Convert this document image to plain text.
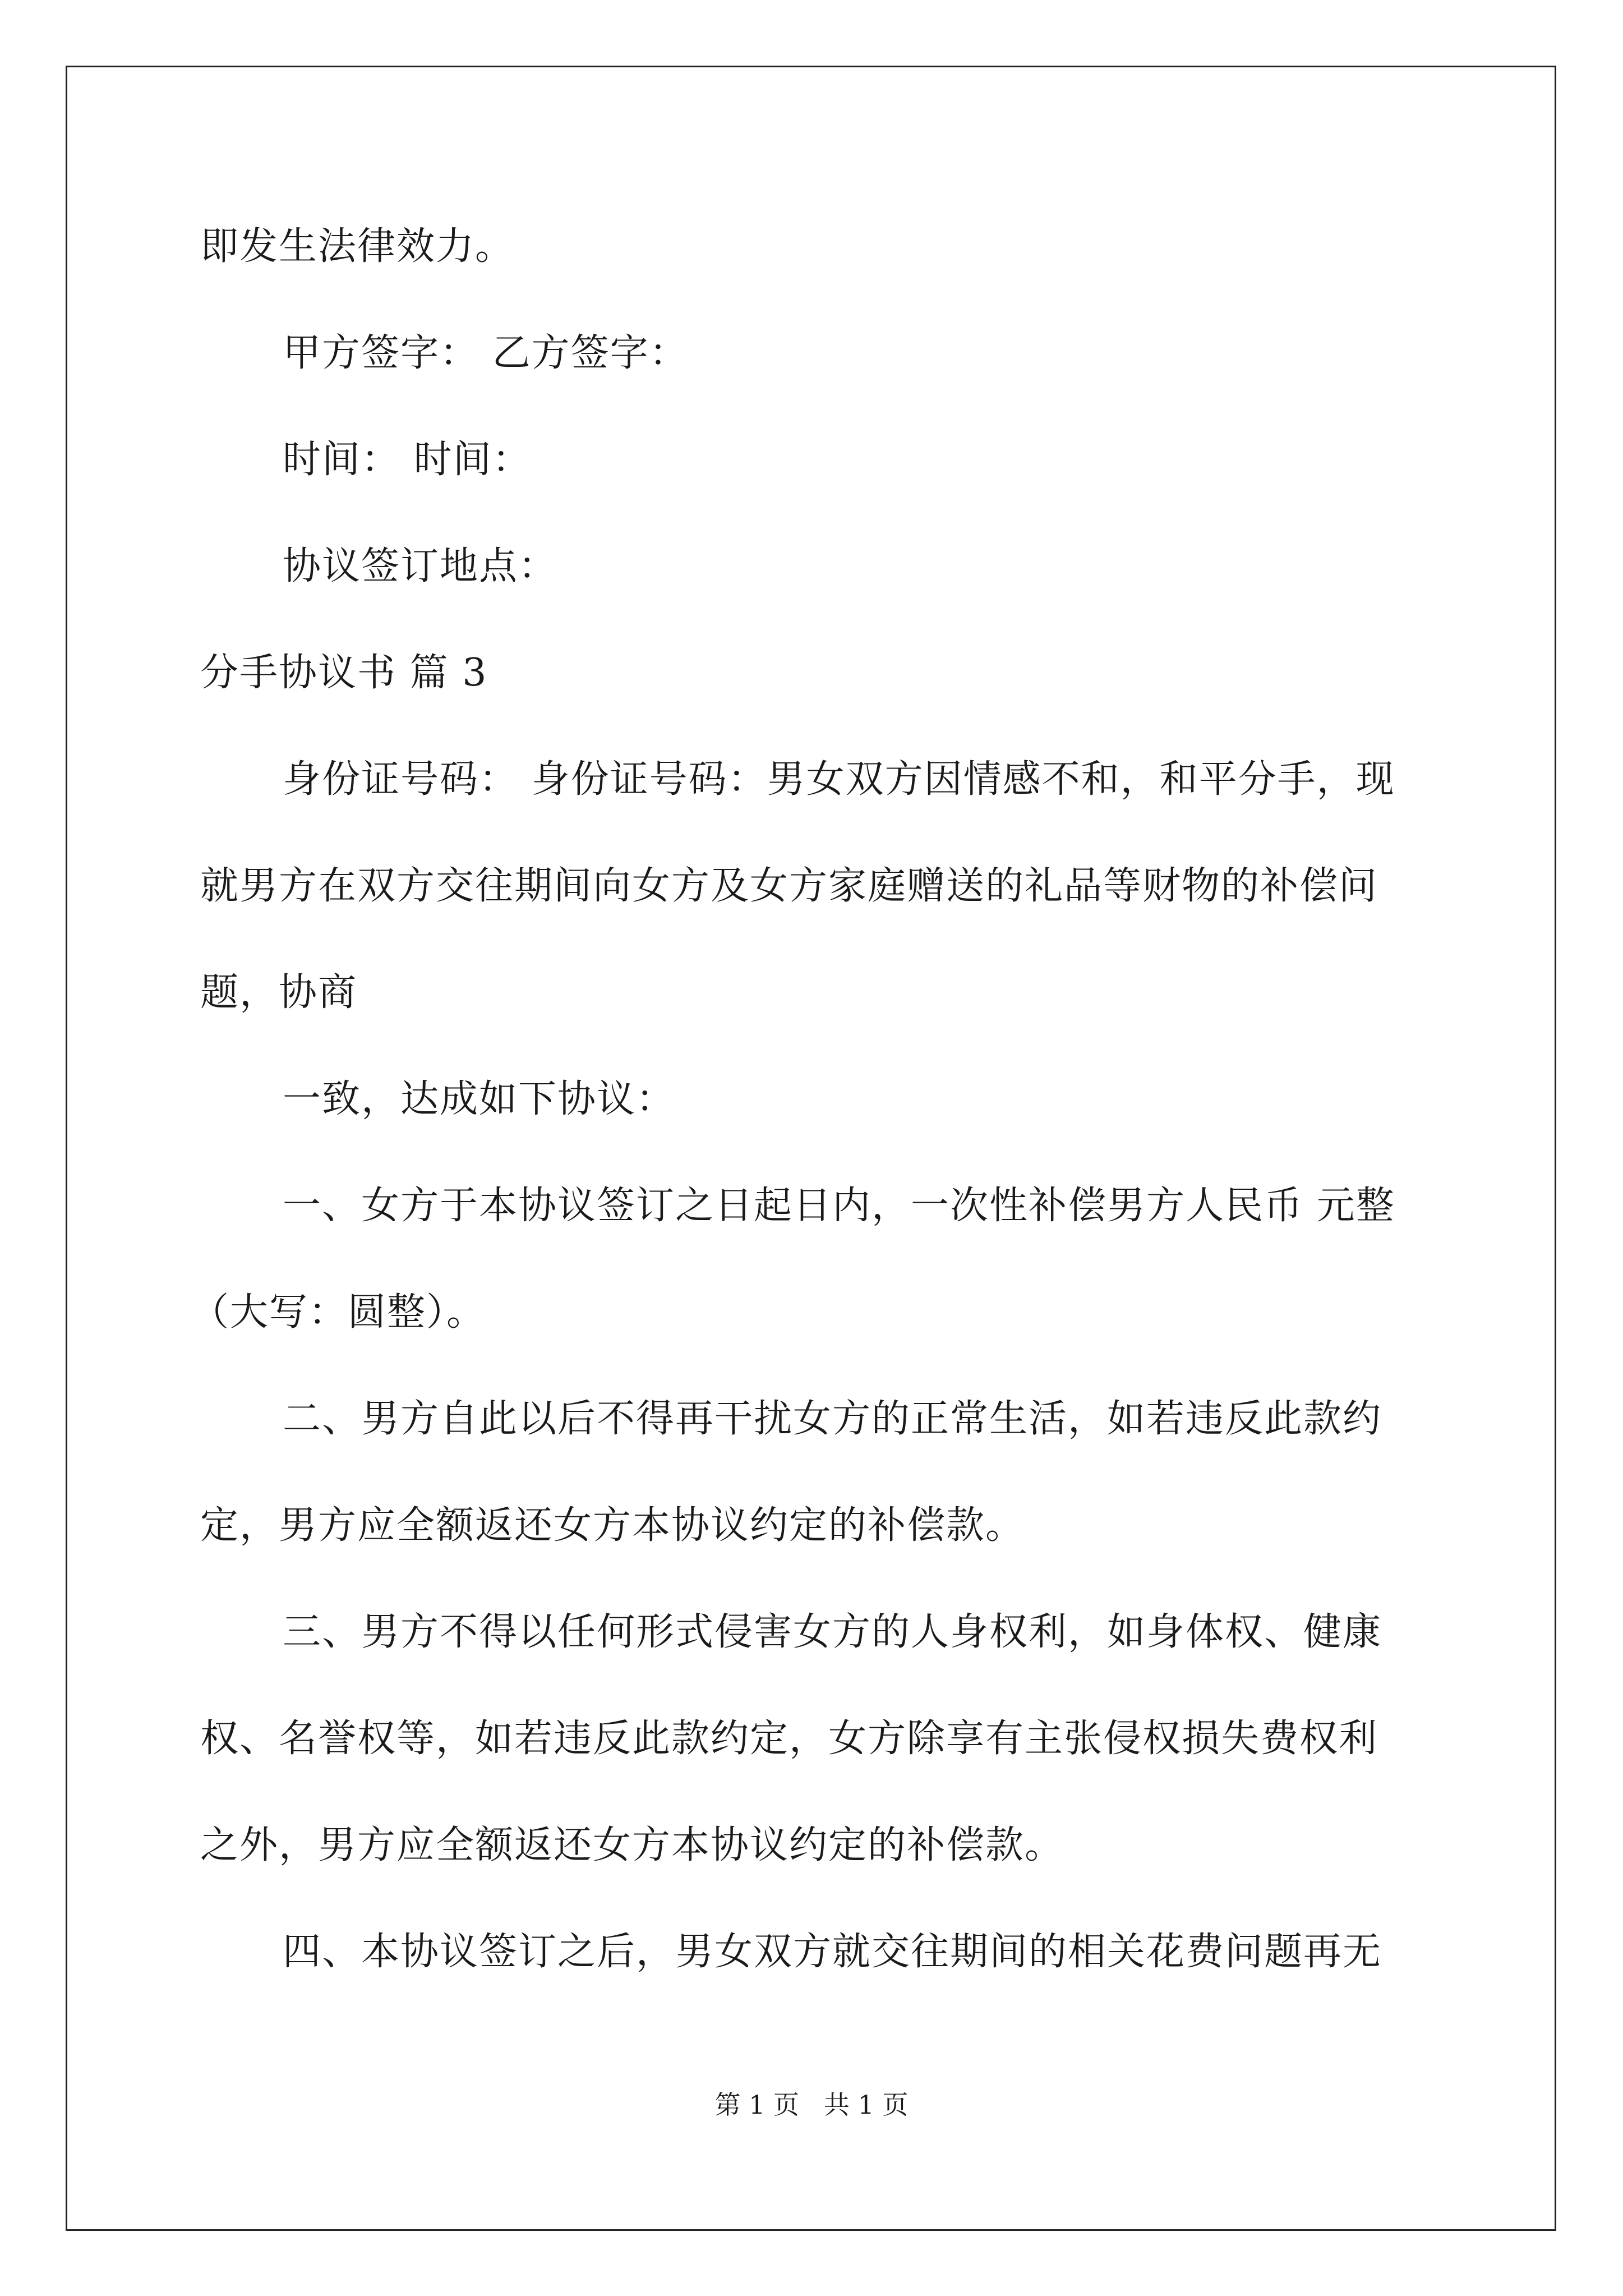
即发生法律效力。
甲方签字： 乙方签字：
时间： 时间：
协议签订地点：
分手协议书 篇 3
身份证号码： 身份证号码：男女双方因情感不和，和平分手，现
就男方在双方交往期间向女方及女方家庭赠送的礼品等财物的补偿问
题，协商
一致，达成如下协议：
一、女方于本协议签订之日起日内，一次性补偿男方人民币 元整
（大写：圆整）。
二、男方自此以后不得再干扰女方的正常生活，如若违反此款约
定，男方应全额返还女方本协议约定的补偿款。
三、男方不得以任何形式侵害女方的人身权利，如身体权、健康
权、名誉权等，如若违反此款约定，女方除享有主张侵权损失费权利
之外，男方应全额返还女方本协议约定的补偿款。
四、本协议签订之后，男女双方就交往期间的相关花费问题再无
第 1 页   共 1 页
